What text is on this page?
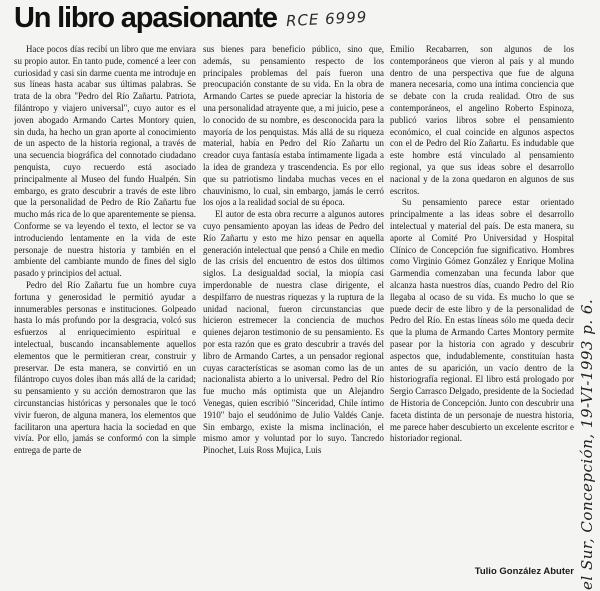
Un libro apasionante RCE 6999

Hace pocos días recibí un libro que me enviara su propio autor. En tanto pude, comencé a leer con curiosidad y casi sin darme cuenta me introduje en sus líneas hasta acabar sus últimas palabras. Se trata de la obra "Pedro del Río Zañartu. Patriota, filántropo y viajero universal", cuyo autor es el joven abogado Armando Cartes Montory quien, sin duda, ha hecho un gran aporte al conocimiento de un aspecto de la historia regional, a través de una secuencia biográfica del connotado ciudadano penquista, cuyo recuerdo está asociado principalmente al Museo del fundo Hualpén. Sin embargo, es grato descubrir a través de este libro que la personalidad de Pedro de Río Zañartu fue mucho más rica de lo que aparentemente se piensa. Conforme se va leyendo el texto, el lector se va introduciendo lentamente en la vida de este personaje de nuestra historia y también en el ambiente del cambiante mundo de fines del siglo pasado y principios del actual.

Pedro del Río Zañartu fue un hombre cuya fortuna y generosidad le permitió ayudar a innumerables personas e instituciones. Golpeado hasta lo más profundo por la desgracia, volcó sus esfuerzos al enriquecimiento espiritual e intelectual, buscando incansablemente aquellos elementos que le permitieran crear, construir y preservar. De esta manera, se convirtió en un filántropo cuyos doles iban más allá de la caridad; su pensamiento y su acción demostraron que las circunstancias históricas y personales que le tocó vivir fueron, de alguna manera, los elementos que facilitaron una apertura hacia la sociedad en que vivía. Por ello, jamás se conformó con la simple entrega de parte de

sus bienes para beneficio público, sino que, además, su pensamiento respecto de los principales problemas del país fueron una preocupación constante de su vida. En la obra de Armando Cartes se puede apreciar la historia de una personalidad atrayente que, a mi juicio, pese a lo conocido de su nombre, es desconocida para la mayoría de los penquistas. Más allá de su riqueza material, había en Pedro del Río Zañartu un creador cuya fantasía estaba íntimamente ligada a la idea de grandeza y trascendencia. Es por ello que su patriotismo lindaba muchas veces en el chauvinismo, lo cual, sin embargo, jamás le cerró los ojos a la realidad social de su época.

El autor de esta obra recurre a algunos autores cuyo pensamiento apoyan las ideas de Pedro del Río Zañartu y esto me hizo pensar en aquella generación intelectual que pensó a Chile en medio de las crisis del encuentro de estos dos últimos siglos. La desigualdad social, la miopía casi imperdonable de nuestra clase dirigente, el despilfarro de nuestras riquezas y la ruptura de la unidad nacional, fueron circunstancias que hicieron estremecer la conciencia de muchos quienes dejaron testimonio de su pensamiento. Es por esta razón que es grato descubrir a través del libro de Armando Cartes, a un pensador regional cuyas características se asoman como las de un nacionalista abierto a lo universal. Pedro del Río fue mucho más optimista que un Alejandro Venegas, quien escribió "Sinceridad, Chile íntimo 1910" bajo el seudónimo de Julio Valdés Canje. Sin embargo, existe la misma inclinación, el mismo amor y voluntad por lo suyo. Tancredo Pinochet, Luis Ross Mujica, Luis

Emilio Recabarren, son algunos de los contemporáneos que vieron al país y al mundo dentro de una perspectiva que fue de alguna manera necesaria, como una íntima conciencia que se debate con la cruda realidad. Otro de sus contemporáneos, el angelino Roberto Espinoza, publicó varios libros sobre el pensamiento económico, el cual coincide en algunos aspectos con el de Pedro del Río Zañartu. Es indudable que este hombre está vinculado al pensamiento regional, ya que sus ideas sobre el desarrollo nacional y de la zona quedaron en algunos de sus escritos.

Su pensamiento parece estar orientado principalmente a las ideas sobre el desarrollo intelectual y material del país. De esta manera, su aporte al Comité Pro Universidad y Hospital Clínico de Concepción fue significativo. Hombres como Virginio Gómez González y Enrique Molina Garmendia comenzaban una fecunda labor que alcanza hasta nuestros días, cuando Pedro del Río llegaba al ocaso de su vida. Es mucho lo que se puede decir de este libro y de la personalidad de Pedro del Río. En estas líneas sólo me queda decir que la pluma de Armando Cartes Montory permite pasear por la historia con agrado y descubrir aspectos que, indudablemente, constituían hasta antes de su aparición, un vacío dentro de la historiografía regional. El libro está prologado por Sergio Carrasco Delgado, presidente de la Sociedad de Historia de Concepción. Junto con descubrir una faceta distinta de un personaje de nuestra historia, me parece haber descubierto un excelente escritor e historiador regional.

Tulio González Abuter el Sur, Concepción, 19-VI-1993 p. 6.
